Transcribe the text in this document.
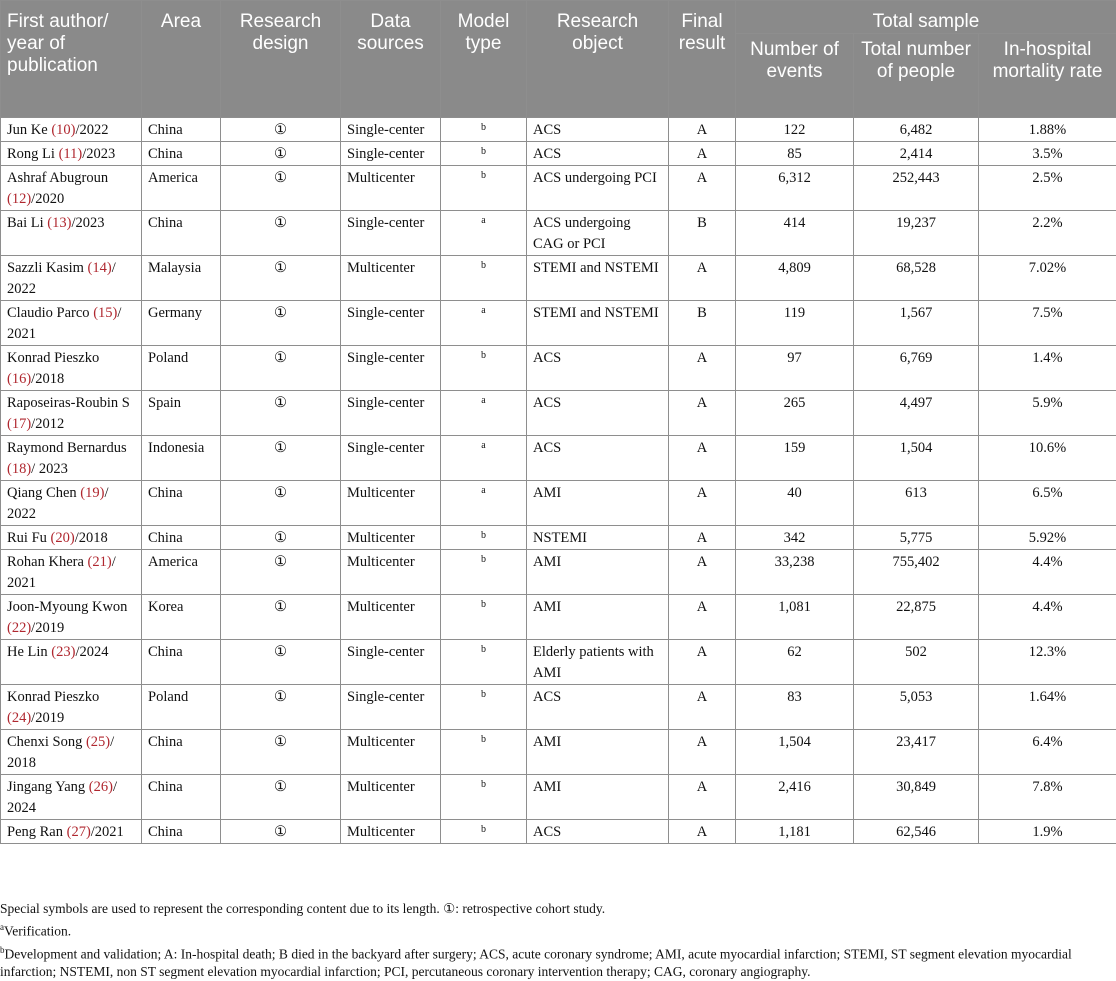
First author/ year of publication	Area	Research design	Data sources	Model type	Research object	Final result	Total sample		
							Number of events	Total number of people	In-hospital mortality rate
Jun Ke (10)/2022	China	①	Single-center	b	ACS	A	122	6,482	1.88%
Rong Li (11)/2023	China	①	Single-center	b	ACS	A	85	2,414	3.5%
Ashraf Abugroun (12)/2020	America	①	Multicenter	b	ACS undergoing PCI	A	6,312	252,443	2.5%
Bai Li (13)/2023	China	①	Single-center	a	ACS undergoing CAG or PCI	B	414	19,237	2.2%
Sazzli Kasim (14)/ 2022	Malaysia	①	Multicenter	b	STEMI and NSTEMI	A	4,809	68,528	7.02%
Claudio Parco (15)/ 2021	Germany	①	Single-center	a	STEMI and NSTEMI	B	119	1,567	7.5%
Konrad Pieszko (16)/2018	Poland	①	Single-center	b	ACS	A	97	6,769	1.4%
Raposeiras-Roubin S (17)/2012	Spain	①	Single-center	a	ACS	A	265	4,497	5.9%
Raymond Bernardus (18)/ 2023	Indonesia	①	Single-center	a	ACS	A	159	1,504	10.6%
Qiang Chen (19)/ 2022	China	①	Multicenter	a	AMI	A	40	613	6.5%
Rui Fu (20)/2018	China	①	Multicenter	b	NSTEMI	A	342	5,775	5.92%
Rohan Khera (21)/ 2021	America	①	Multicenter	b	AMI	A	33,238	755,402	4.4%
Joon-Myoung Kwon (22)/2019	Korea	①	Multicenter	b	AMI	A	1,081	22,875	4.4%
He Lin (23)/2024	China	①	Single-center	b	Elderly patients with AMI	A	62	502	12.3%
Konrad Pieszko (24)/2019	Poland	①	Single-center	b	ACS	A	83	5,053	1.64%
Chenxi Song (25)/ 2018	China	①	Multicenter	b	AMI	A	1,504	23,417	6.4%
Jingang Yang (26)/ 2024	China	①	Multicenter	b	AMI	A	2,416	30,849	7.8%
Peng Ran (27)/2021	China	①	Multicenter	b	ACS	A	1,181	62,546	1.9%

Special symbols are used to represent the corresponding content due to its length. ①: retrospective cohort study.

$^a$Verification.

$^b$Development and validation; A: In-hospital death; B died in the backyard after surgery; ACS, acute coronary syndrome; AMI, acute myocardial infarction; STEMI, ST segment elevation myocardial infarction; NSTEMI, non ST segment elevation myocardial infarction; PCI, percutaneous coronary intervention therapy; CAG, coronary angiography.
